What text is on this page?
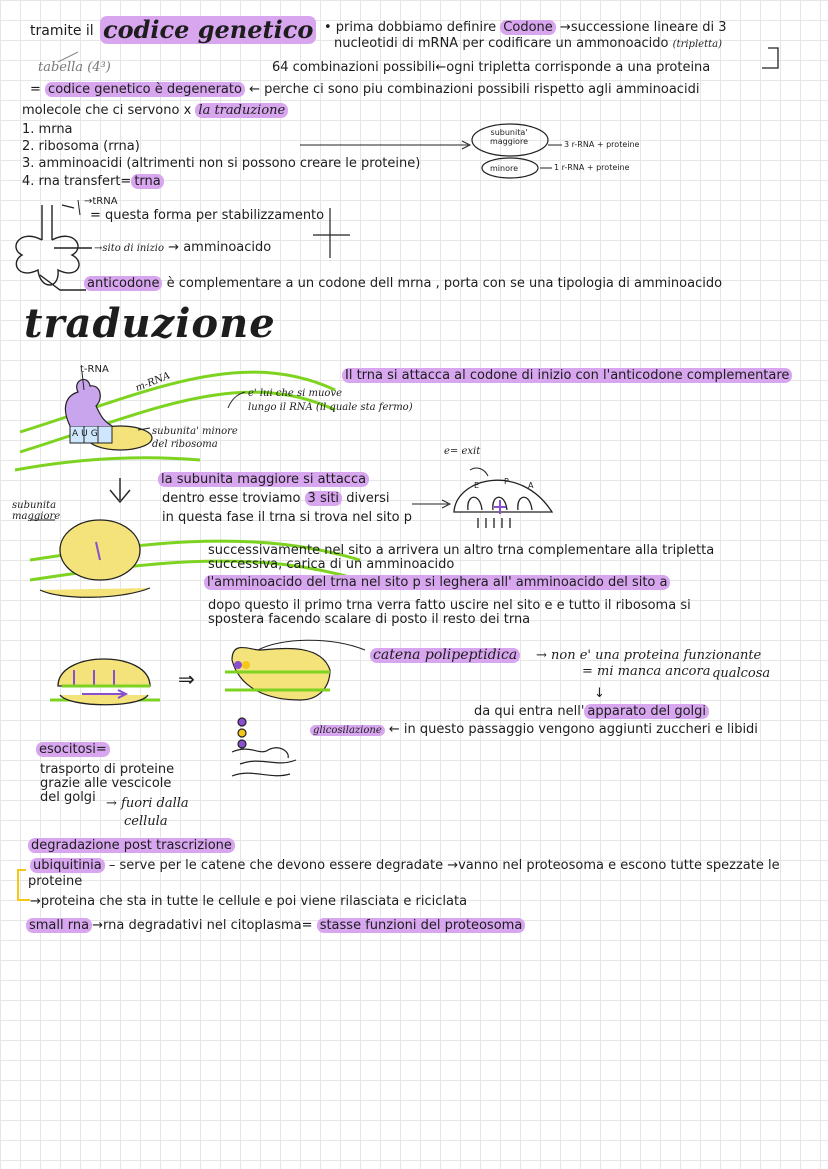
tramite il codice genetico • prima dobbiamo definire Codone →successione lineare di 3
nucleotidi di mRNA per codificare un ammonoacido (tripletta)
tabella (4³)	64 combinazioni possibili←ogni tripletta corrisponde a una proteina
= codice genetico è degenerato ← perche ci sono piu combinazioni possibili rispetto agli amminoacidi
molecole che ci servono x la traduzione
1. mrna
2. ribosoma (rrna)
3. amminoacidi (altrimenti non si possono creare le proteine)
4. rna transfert= trna
subunita' maggiore
minore
3 r-RNA + proteine
1 r-RNA + proteine
→tRNA
= questa forma per stabilizzamento
→sito di inizio → amminoacido
anticodone è complementare a un codone dell mrna , porta con se una tipologia di amminoacido
traduzione
t-RNA
m-RNA
AUG
e' lui che si muove
lungo il RNA (il quale sta fermo)
subunita' minore
del ribosoma
Il trna si attacca al codone di inizio con l'anticodone complementare
e= exit
E	P A
subunita
maggiore
la subunita maggiore si attacca
dentro esse troviamo 3 siti diversi
in questa fase il trna si trova nel sito p
successivamente nel sito a arrivera un altro trna complementare alla tripletta
successiva, carica di un amminoacido
l'amminoacido del trna nel sito p si leghera all' amminoacido del sito a
dopo questo il primo trna verra fatto uscire nel sito e e tutto il ribosoma si
spostera facendo scalare di posto il resto dei trna
⇒
catena polipeptidica → non e' una proteina funzionante
= mi manca ancora qualcosa
↓
da qui entra nell' apparato del golgi
glicosilazione ← in questo passaggio vengono aggiunti zuccheri e libidi
esocitosi=
trasporto di proteine
grazie alle vescicole
del golgi → fuori dalla
cellula
degradazione post trascrizione
ubiquitinia – serve per le catene che devono essere degradate →vanno nel proteosoma e escono tutte spezzate le
proteine
→proteina che sta in tutte le cellule e poi viene rilasciata e riciclata
small rna →rna degradativi nel citoplasma= stasse funzioni del proteosoma
